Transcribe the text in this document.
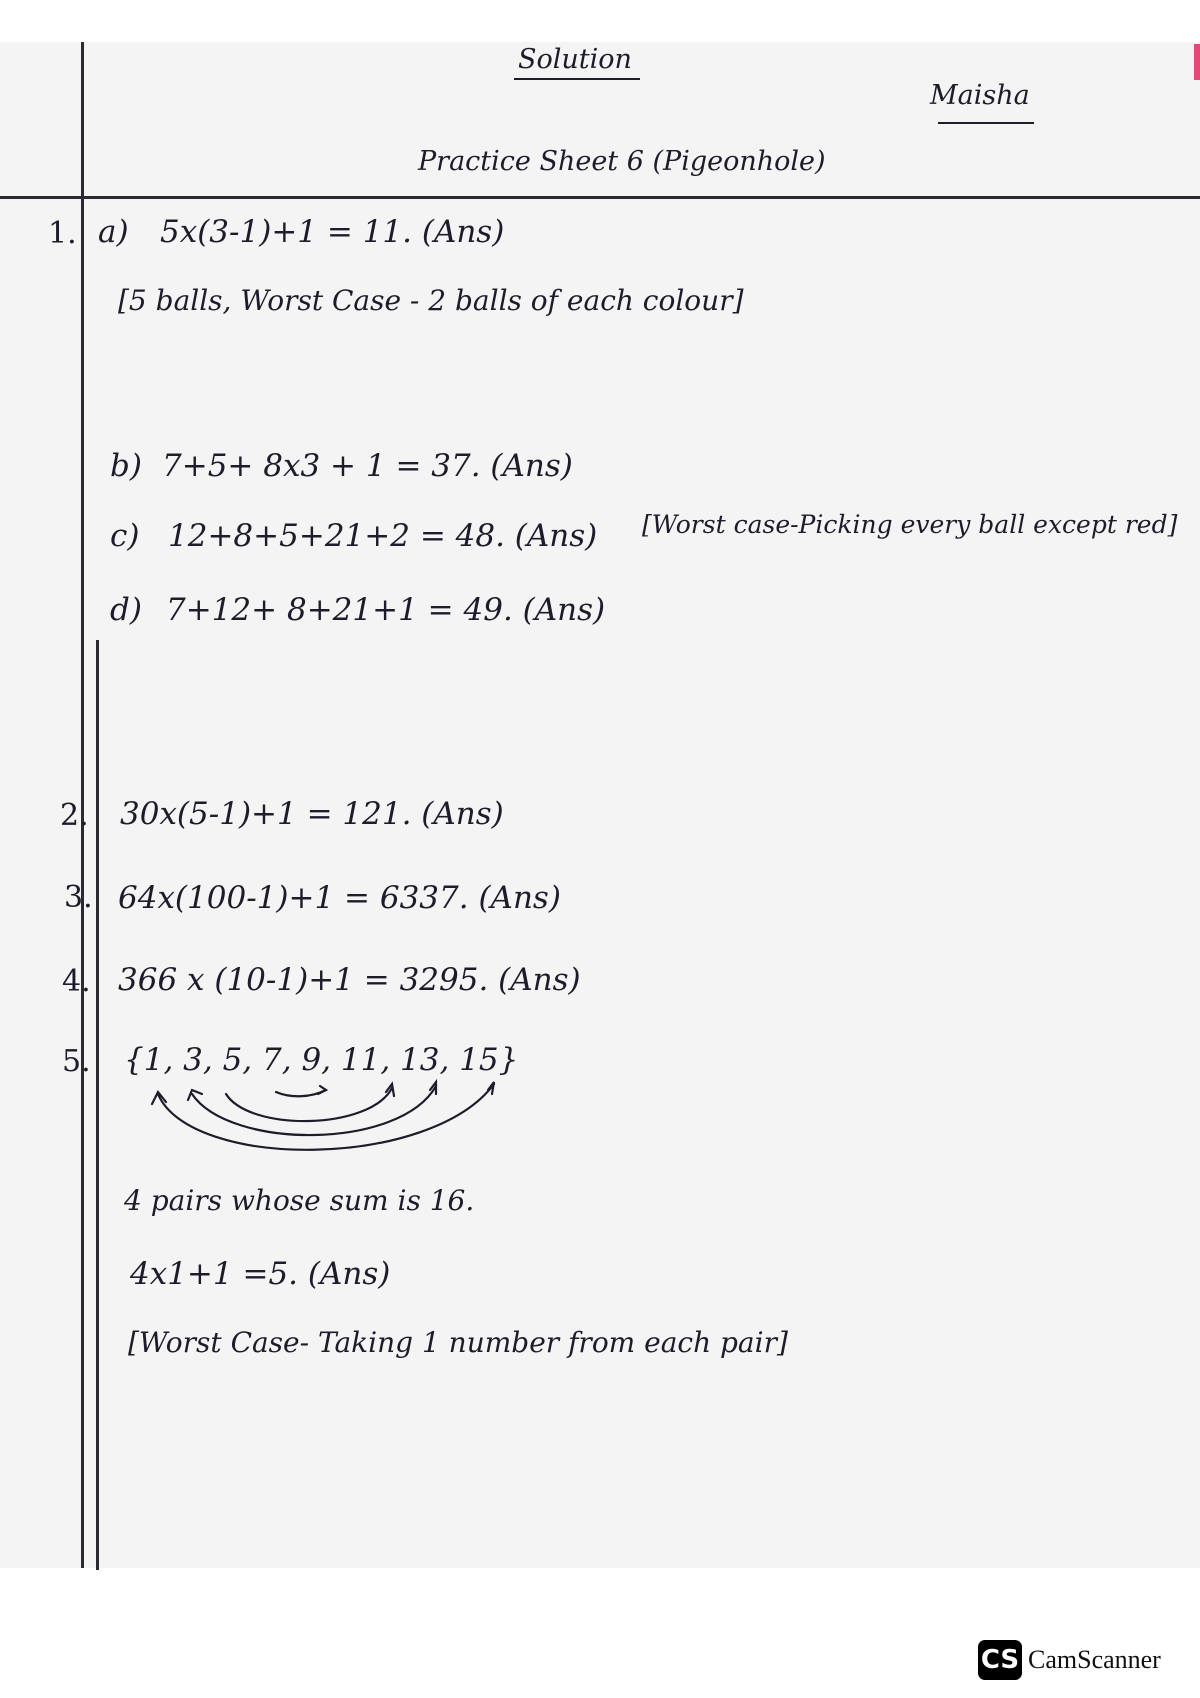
Solution
Maisha
Practice Sheet 6 (Pigeonhole)
1. a) 5x(3-1)+1 = 11. (Ans)
[5 balls, Worst Case - 2 balls of each colour]
b) 7+5+ 8x3 + 1 = 37. (Ans)
c) 12+8+5+21+2 = 48. (Ans) [Worst case-Picking every ball except red]
d) 7+12+ 8+21+1 = 49. (Ans)
2. 30x(5-1)+1 = 121. (Ans)
3. 64x(100-1)+1 = 6337. (Ans)
4. 366 x (10-1)+1 = 3295. (Ans)
5. {1, 3, 5, 7, 9, 11, 13, 15}
4 pairs whose sum is 16.
4x1+1 =5. (Ans)
[Worst Case- Taking 1 number from each pair]
CS CamScanner
